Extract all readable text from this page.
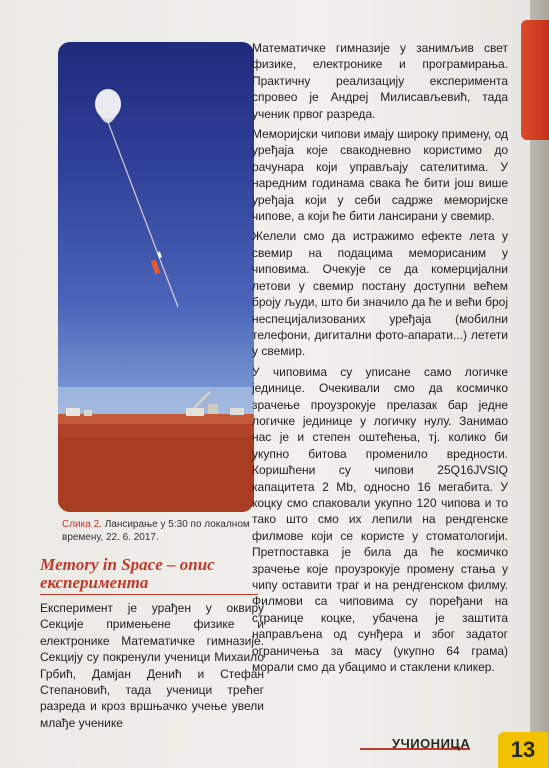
Слика 2. Лансирање у 5:30 по локалном времену, 22. 6. 2017.
Memory in Space – опис експеримента

Експеримент је урађен у оквиру Секције примењене физике и електронике Математичке гимназије. Секцију су покренули ученици Михаило Грбић, Дамјан Денић и Стефан Степановић, тада ученици трећег разреда и кроз вршњачко учење увели млађе ученике

Математичке гимназије у занимљив свет физике, електронике и програмирања. Практичну реализацију експеримента спровео је Андреј Милисављевић, тада ученик првог разреда.

Меморијски чипови имају широку примену, од уређаја које свакодневно користимо до рачунара који управљају сателитима. У наредним годинама свака ће бити још више уређаја који у себи садрже меморијске чипове, а који ће бити лансирани у свемир.

Желели смо да истражимо ефекте лета у свемир на подацима меморисаним у чиповима. Очекује се да комерцијални летови у свемир постану доступни већем броју људи, што би значило да ће и већи број неспецијализованих уређаја (мобилни телефони, дигитални фото-апарати...) летети у свемир.

У чиповима су уписане само логичке јединице. Очекивали смо да космичко зрачење проузрокује прелазак бар једне логичке јединице у логичку нулу. Занимао нас је и степен оштећења, тј. колико би укупно битова променило вредности. Коришћени су чипови 25Q16JVSIQ капацитета 2 Mb, односно 16 мегабита. У коцку смо спаковали укупно 120 чипова и то тако што смо их лепили на рендгенске филмове који се користе у стоматологији. Претпоставка је била да ће космичко зрачење које проузрокује промену стања у чипу оставити траг и на рендгенском филму. Филмови са чиповима су поређани на странице коцке, убачена је заштита направљена од сунђера и због задатог ограничења за масу (укупно 64 грама) морали смо да убацимо и стаклени кликер.

УЧИОНИЦА	13
